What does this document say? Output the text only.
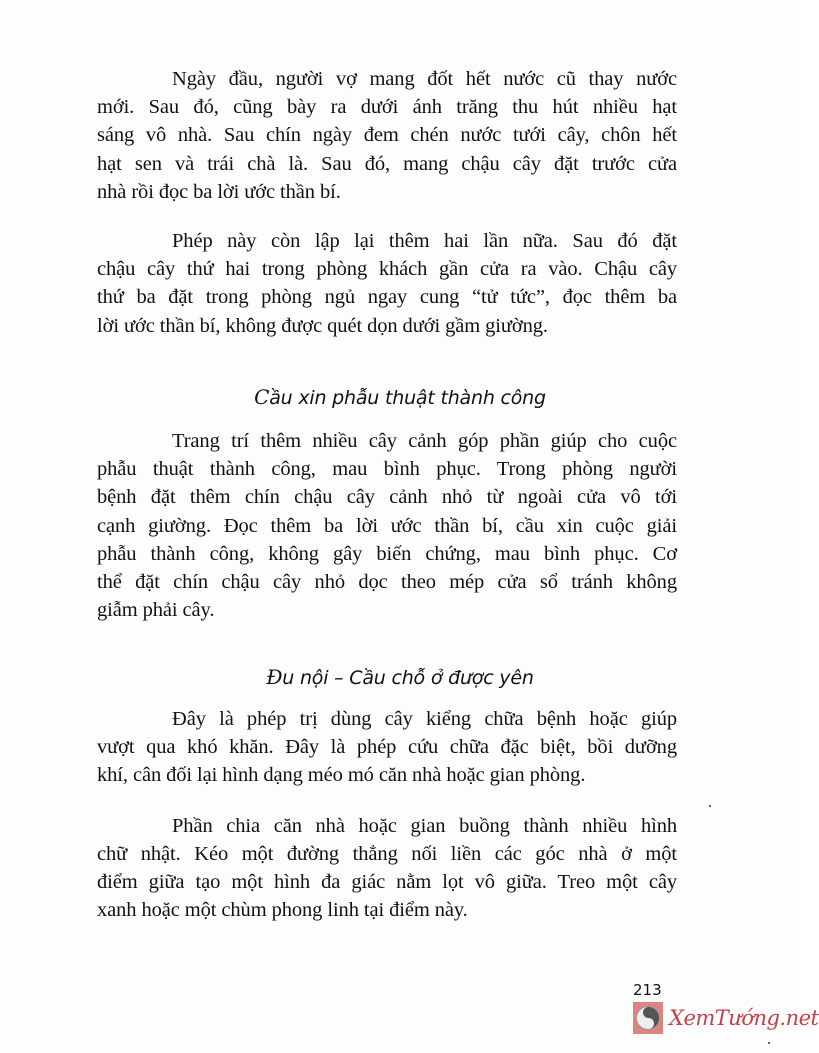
Ngày đầu, người vợ mang đốt hết nước cũ thay nước
mới. Sau đó, cũng bày ra dưới ánh trăng thu hút nhiều hạt
sáng vô nhà. Sau chín ngày đem chén nước tưới cây, chôn hết
hạt sen và trái chà là. Sau đó, mang chậu cây đặt trước cửa
nhà rồi đọc ba lời ước thần bí.
Phép này còn lập lại thêm hai lần nữa. Sau đó đặt
chậu cây thứ hai trong phòng khách gần cửa ra vào. Chậu cây
thứ ba đặt trong phòng ngủ ngay cung “tử tức”, đọc thêm ba
lời ước thần bí, không được quét dọn dưới gầm giường.
Cầu xin phẫu thuật thành công
Trang trí thêm nhiều cây cảnh góp phần giúp cho cuộc
phẫu thuật thành công, mau bình phục. Trong phòng người
bệnh đặt thêm chín chậu cây cảnh nhỏ từ ngoài cửa vô tới
cạnh giường. Đọc thêm ba lời ước thần bí, cầu xin cuộc giải
phẫu thành công, không gây biến chứng, mau bình phục. Cơ
thể đặt chín chậu cây nhỏ dọc theo mép cửa sổ tránh không
giẫm phải cây.
Đu nội – Cầu chỗ ở được yên
Đây là phép trị dùng cây kiểng chữa bệnh hoặc giúp
vượt qua khó khăn. Đây là phép cứu chữa đặc biệt, bồi dưỡng
khí, cân đối lại hình dạng méo mó căn nhà hoặc gian phòng.
Phần chia căn nhà hoặc gian buồng thành nhiều hình
chữ nhật. Kéo một đường thẳng nối liền các góc nhà ở một
điểm giữa tạo một hình đa giác nằm lọt vô giữa. Treo một cây
xanh hoặc một chùm phong linh tại điểm này.
213
XemTướng.net
